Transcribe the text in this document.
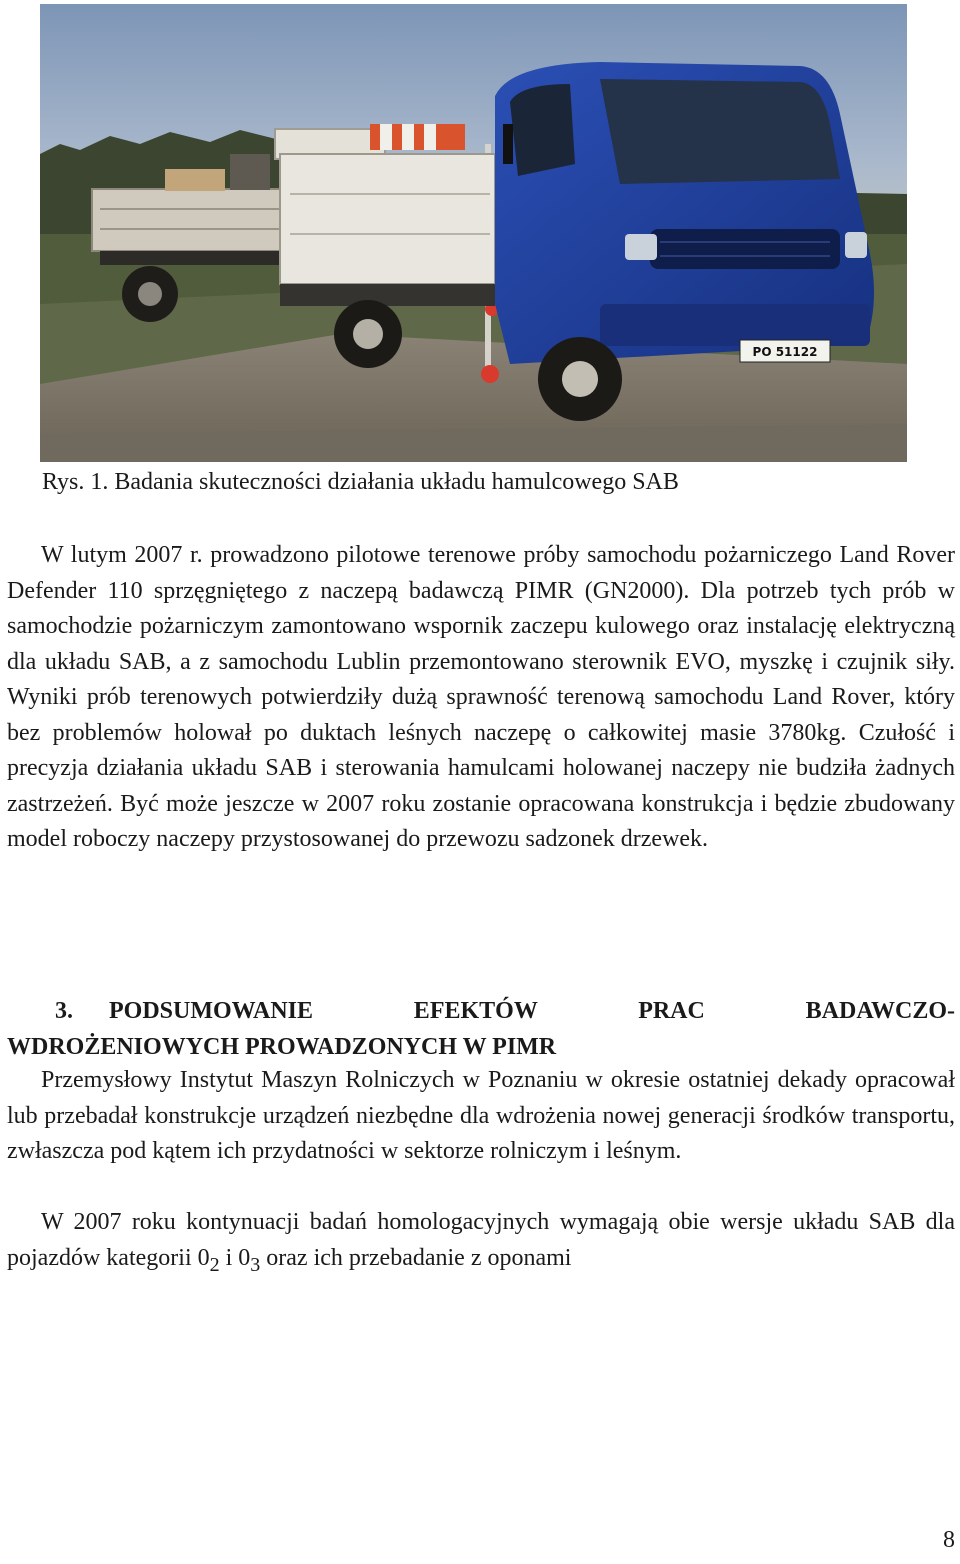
PO 51122

Rys. 1. Badania skuteczności działania układu hamulcowego SAB

W lutym 2007 r. prowadzono pilotowe terenowe próby samochodu pożarniczego Land Rover Defender 110 sprzęgniętego z naczepą badawczą PIMR (GN2000). Dla potrzeb tych prób w samochodzie pożarniczym zamontowano wspornik zaczepu kulowego oraz instalację elektryczną dla układu SAB, a z samochodu Lublin przemontowano sterownik EVO, myszkę i czujnik siły. Wyniki prób terenowych potwierdziły dużą sprawność terenową samochodu Land Rover, który bez problemów holował po duktach leśnych naczepę o całkowitej masie 3780kg. Czułość i precyzja działania układu SAB i sterowania hamulcami holowanej naczepy nie budziła żadnych zastrzeżeń. Być może jeszcze w 2007 roku zostanie opracowana konstrukcja i będzie zbudowany model roboczy naczepy przystosowanej do przewozu sadzonek drzewek.

3. PODSUMOWANIE EFEKTÓW PRAC BADAWCZO- WDROŻENIOWYCH PROWADZONYCH W PIMR

Przemysłowy Instytut Maszyn Rolniczych w Poznaniu w okresie ostatniej dekady opracował lub przebadał konstrukcje urządzeń niezbędne dla wdrożenia nowej generacji środków transportu, zwłaszcza pod kątem ich przydatności w sektorze rolniczym i leśnym.

W 2007 roku kontynuacji badań homologacyjnych wymagają obie wersje układu SAB dla pojazdów kategorii $0_2$ i $0_3$ oraz ich przebadanie z oponami

8
